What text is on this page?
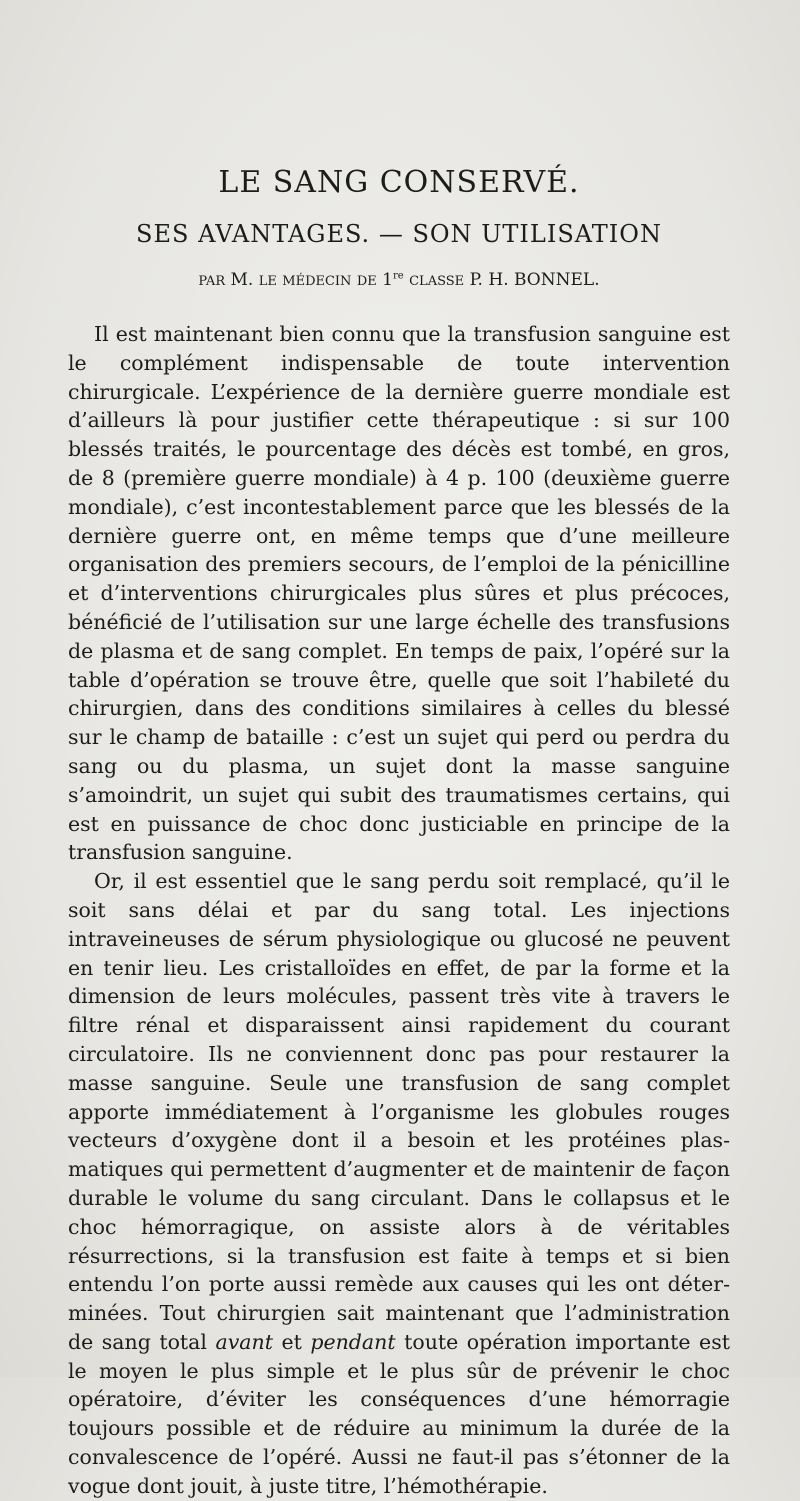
LE SANG CONSERVÉ.
SES AVANTAGES. — SON UTILISATION
PAR M. LE MÉDECIN DE 1re CLASSE P. H. BONNEL.

Il est maintenant bien connu que la transfusion sanguine est le complément indispensable de toute intervention chirurgicale. L’expérience de la dernière guerre mondiale est d’ailleurs là pour justifier cette thérapeutique : si sur 100 blessés traités, le pourcentage des décès est tombé, en gros, de 8 (première guerre mondiale) à 4 p. 100 (deuxième guerre mondiale), c’est incontestablement parce que les blessés de la dernière guerre ont, en même temps que d’une meilleure organisation des premiers secours, de l’emploi de la pénicilline et d’interventions chirurgicales plus sûres et plus précoces, bénéficié de l’utilisation sur une large échelle des transfusions de plasma et de sang complet. En temps de paix, l’opéré sur la table d’opération se trouve être, quelle que soit l’habileté du chirurgien, dans des conditions similaires à celles du blessé sur le champ de bataille : c’est un sujet qui perd ou perdra du sang ou du plasma, un sujet dont la masse sanguine s’amoindrit, un sujet qui subit des traumatismes certains, qui est en puissance de choc donc justiciable en principe de la transfusion sanguine.

Or, il est essentiel que le sang perdu soit remplacé, qu’il le soit sans délai et par du sang total. Les injections intraveineuses de sérum physiologique ou glucosé ne peuvent en tenir lieu. Les cristalloïdes en effet, de par la forme et la dimension de leurs molécules, passent très vite à travers le filtre rénal et disparaissent ainsi rapidement du courant circulatoire. Ils ne conviennent donc pas pour restaurer la masse sanguine. Seule une transfusion de sang complet apporte immédiatement à l’organisme les globules rouges vecteurs d’oxygène dont il a besoin et les protéines plasmatiques qui permettent d’augmenter et de maintenir de façon durable le volume du sang circulant. Dans le collapsus et le choc hémorragique, on assiste alors à de véritables résurrections, si la transfusion est faite à temps et si bien entendu l’on porte aussi remède aux causes qui les ont déterminées. Tout chirurgien sait maintenant que l’administration de sang total avant et pendant toute opération importante est le moyen le plus simple et le plus sûr de prévenir le choc opératoire, d’éviter les conséquences d’une hémorragie toujours possible et de réduire au minimum la durée de la convalescence de l’opéré. Aussi ne faut-il pas s’étonner de la vogue dont jouit, à juste titre, l’hémothérapie.
